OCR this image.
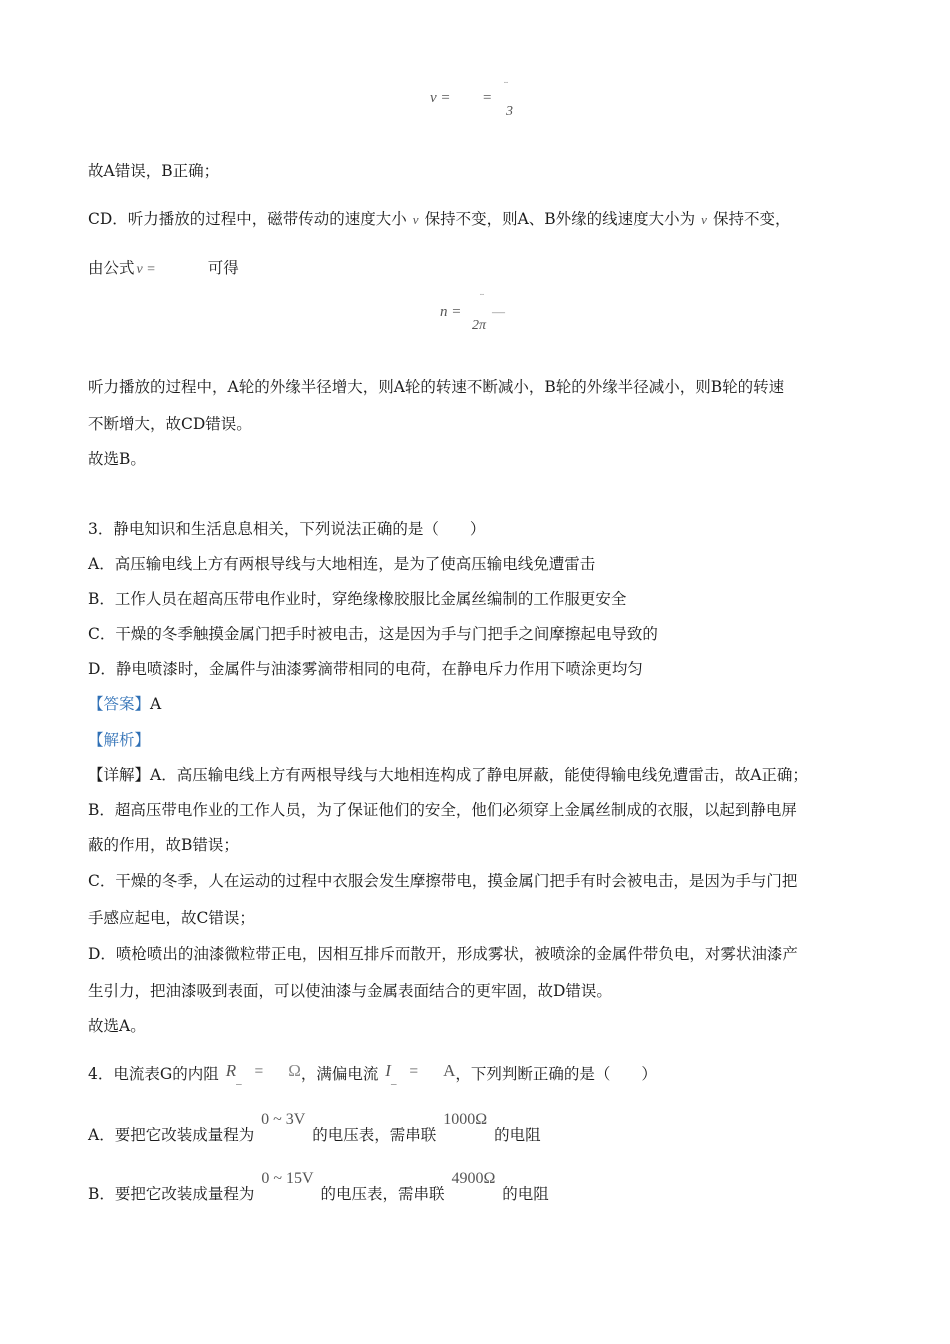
v = =
¨
3
故A错误，B正确；
CD．听力播放的过程中，磁带传动的速度大小 v 保持不变，则A、B外缘的线速度大小为 v 保持不变，
由公式 v =	可得
n =
¨
2π
—
听力播放的过程中，A轮的外缘半径增大，则A轮的转速不断减小，B轮的外缘半径减小，则B轮的转速
不断增大，故CD错误。
故选B。
3．静电知识和生活息息相关，下列说法正确的是（　　）
A．高压输电线上方有两根导线与大地相连，是为了使高压输电线免遭雷击
B．工作人员在超高压带电作业时，穿绝缘橡胶服比金属丝编制的工作服更安全
C．干燥的冬季触摸金属门把手时被电击，这是因为手与门把手之间摩擦起电导致的
D．静电喷漆时，金属件与油漆雾滴带相同的电荷，在静电斥力作用下喷涂更均匀
【答案】A
【解析】
【详解】A．高压输电线上方有两根导线与大地相连构成了静电屏蔽，能使得输电线免遭雷击，故A正确；
B．超高压带电作业的工作人员，为了保证他们的安全，他们必须穿上金属丝制成的衣服，以起到静电屏
蔽的作用，故B错误；
C．干燥的冬季，人在运动的过程中衣服会发生摩擦带电，摸金属门把手有时会被电击，是因为手与门把
手感应起电，故C错误；
D．喷枪喷出的油漆微粒带正电，因相互排斥而散开，形成雾状，被喷涂的金属件带负电，对雾状油漆产
生引力，把油漆吸到表面，可以使油漆与金属表面结合的更牢固，故D错误。
故选A。
4．电流表G的内阻 $R_{\_} = \Omega$，满偏电流 $I_{\_} = A$，下列判断正确的是（　　）
A．要把它改装成量程为 0 ~ 3V 的电压表，需串联 1000Ω 的电阻
B．要把它改装成量程为 0 ~ 15V 的电压表，需串联 4900Ω 的电阻
